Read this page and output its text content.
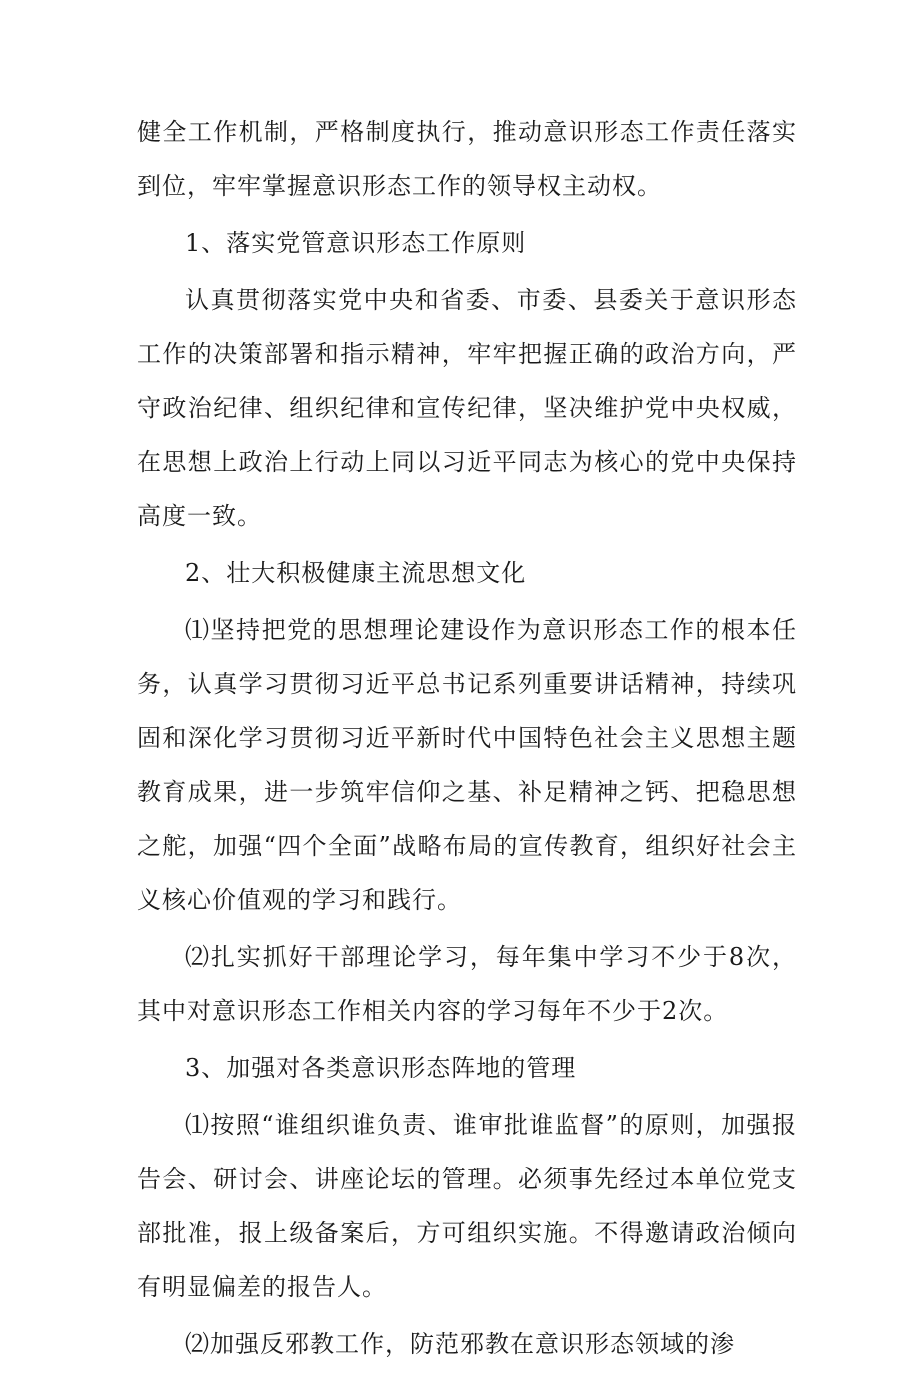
健全工作机制，严格制度执行，推动意识形态工作责任落实到位，牢牢掌握意识形态工作的领导权主动权。

1、落实党管意识形态工作原则

认真贯彻落实党中央和省委、市委、县委关于意识形态工作的决策部署和指示精神，牢牢把握正确的政治方向，严守政治纪律、组织纪律和宣传纪律，坚决维护党中央权威，在思想上政治上行动上同以习近平同志为核心的党中央保持高度一致。

2、壮大积极健康主流思想文化

⑴坚持把党的思想理论建设作为意识形态工作的根本任务，认真学习贯彻习近平总书记系列重要讲话精神，持续巩固和深化学习贯彻习近平新时代中国特色社会主义思想主题教育成果，进一步筑牢信仰之基、补足精神之钙、把稳思想之舵，加强“四个全面”战略布局的宣传教育，组织好社会主义核心价值观的学习和践行。

⑵扎实抓好干部理论学习，每年集中学习不少于8次，其中对意识形态工作相关内容的学习每年不少于2次。

3、加强对各类意识形态阵地的管理

⑴按照“谁组织谁负责、谁审批谁监督”的原则，加强报告会、研讨会、讲座论坛的管理。必须事先经过本单位党支部批准，报上级备案后，方可组织实施。不得邀请政治倾向有明显偏差的报告人。

⑵加强反邪教工作，防范邪教在意识形态领域的渗
